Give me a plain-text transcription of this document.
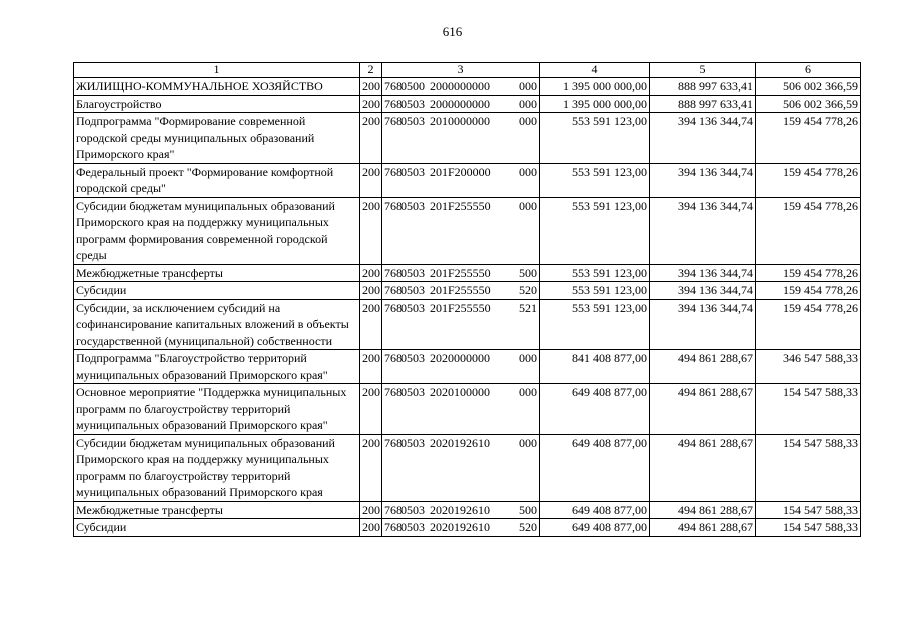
616
1	2	3	4	5	6
ЖИЛИЩНО-КОММУНАЛЬНОЕ ХОЗЯЙСТВО	200	7680500 2000000000 000	1 395 000 000,00	888 997 633,41	506 002 366,59
Благоустройство	200	7680503 2000000000 000	1 395 000 000,00	888 997 633,41	506 002 366,59
Подпрограмма "Формирование современной городской среды муниципальных образований Приморского края"	200	7680503 2010000000 000	553 591 123,00	394 136 344,74	159 454 778,26
Федеральный проект "Формирование комфортной городской среды"	200	7680503 201F200000 000	553 591 123,00	394 136 344,74	159 454 778,26
Субсидии бюджетам муниципальных образований Приморского края на поддержку муниципальных программ формирования современной городской среды	200	7680503 201F255550 000	553 591 123,00	394 136 344,74	159 454 778,26
Межбюджетные трансферты	200	7680503 201F255550 500	553 591 123,00	394 136 344,74	159 454 778,26
Субсидии	200	7680503 201F255550 520	553 591 123,00	394 136 344,74	159 454 778,26
Субсидии, за исключением субсидий на софинансирование капитальных вложений в объекты государственной (муниципальной) собственности	200	7680503 201F255550 521	553 591 123,00	394 136 344,74	159 454 778,26
Подпрограмма "Благоустройство территорий муниципальных образований Приморского края"	200	7680503 2020000000 000	841 408 877,00	494 861 288,67	346 547 588,33
Основное мероприятие "Поддержка муниципальных программ по благоустройству территорий муниципальных образований Приморского края"	200	7680503 2020100000 000	649 408 877,00	494 861 288,67	154 547 588,33
Субсидии бюджетам муниципальных образований Приморского края на поддержку муниципальных программ по благоустройству территорий муниципальных образований Приморского края	200	7680503 2020192610 000	649 408 877,00	494 861 288,67	154 547 588,33
Межбюджетные трансферты	200	7680503 2020192610 500	649 408 877,00	494 861 288,67	154 547 588,33
Субсидии	200	7680503 2020192610 520	649 408 877,00	494 861 288,67	154 547 588,33
